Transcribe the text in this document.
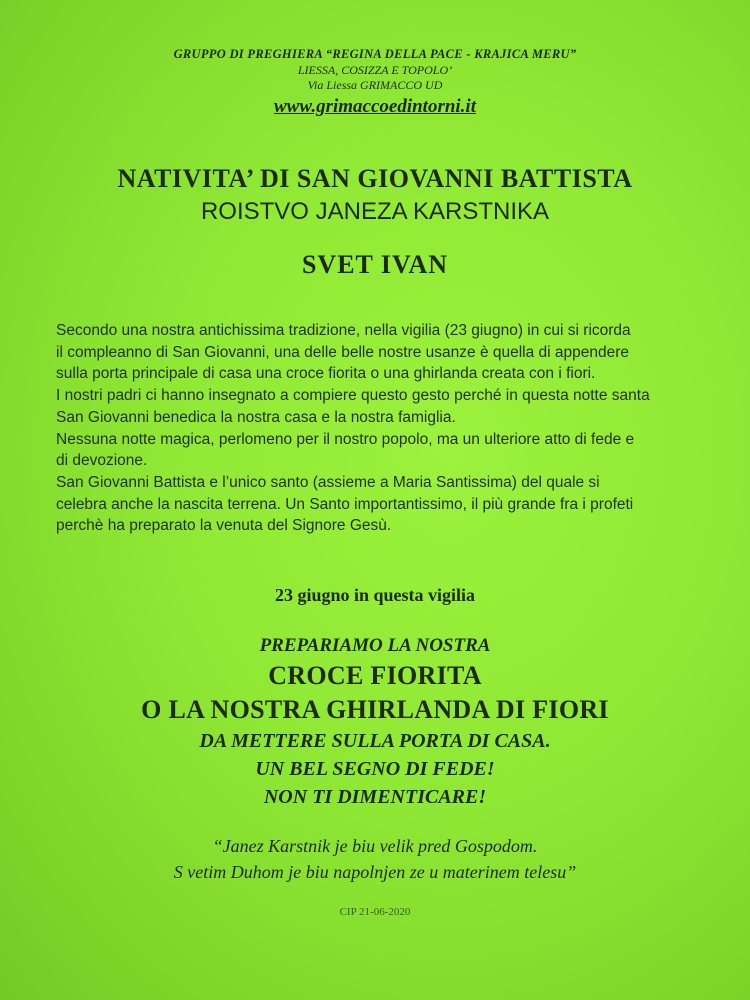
GRUPPO DI PREGHIERA “REGINA DELLA PACE - KRAJICA MERU”

LIESSA, COSIZZA E TOPOLO’

Via Liessa GRIMACCO UD

www.grimaccoedintorni.it

NATIVITA’ DI SAN GIOVANNI BATTISTA

ROISTVO JANEZA KARSTNIKA

SVET IVAN

Secondo una nostra antichissima tradizione, nella vigilia (23 giugno) in cui si ricorda

il compleanno di San Giovanni, una delle belle nostre usanze è quella di appendere

sulla porta principale di casa una croce fiorita o una ghirlanda creata con i fiori.

I nostri padri ci hanno insegnato a compiere questo gesto perché in questa notte santa

San Giovanni benedica la nostra casa e la nostra famiglia.

Nessuna notte magica, perlomeno per il nostro popolo, ma un ulteriore atto di fede e

di devozione.

San Giovanni Battista e l’unico santo (assieme a Maria Santissima) del quale si

celebra anche la nascita terrena. Un Santo importantissimo, il più grande fra i profeti

perchè ha preparato la venuta del Signore Gesù.

23 giugno in questa vigilia

PREPARIAMO LA NOSTRA

CROCE FIORITA

O LA NOSTRA GHIRLANDA DI FIORI

DA METTERE SULLA PORTA DI CASA.

UN BEL SEGNO DI FEDE!

NON TI DIMENTICARE!

“Janez Karstnik je biu velik pred Gospodom.

S vetim Duhom je biu napolnjen ze u materinem telesu”

CIP 21-06-2020
